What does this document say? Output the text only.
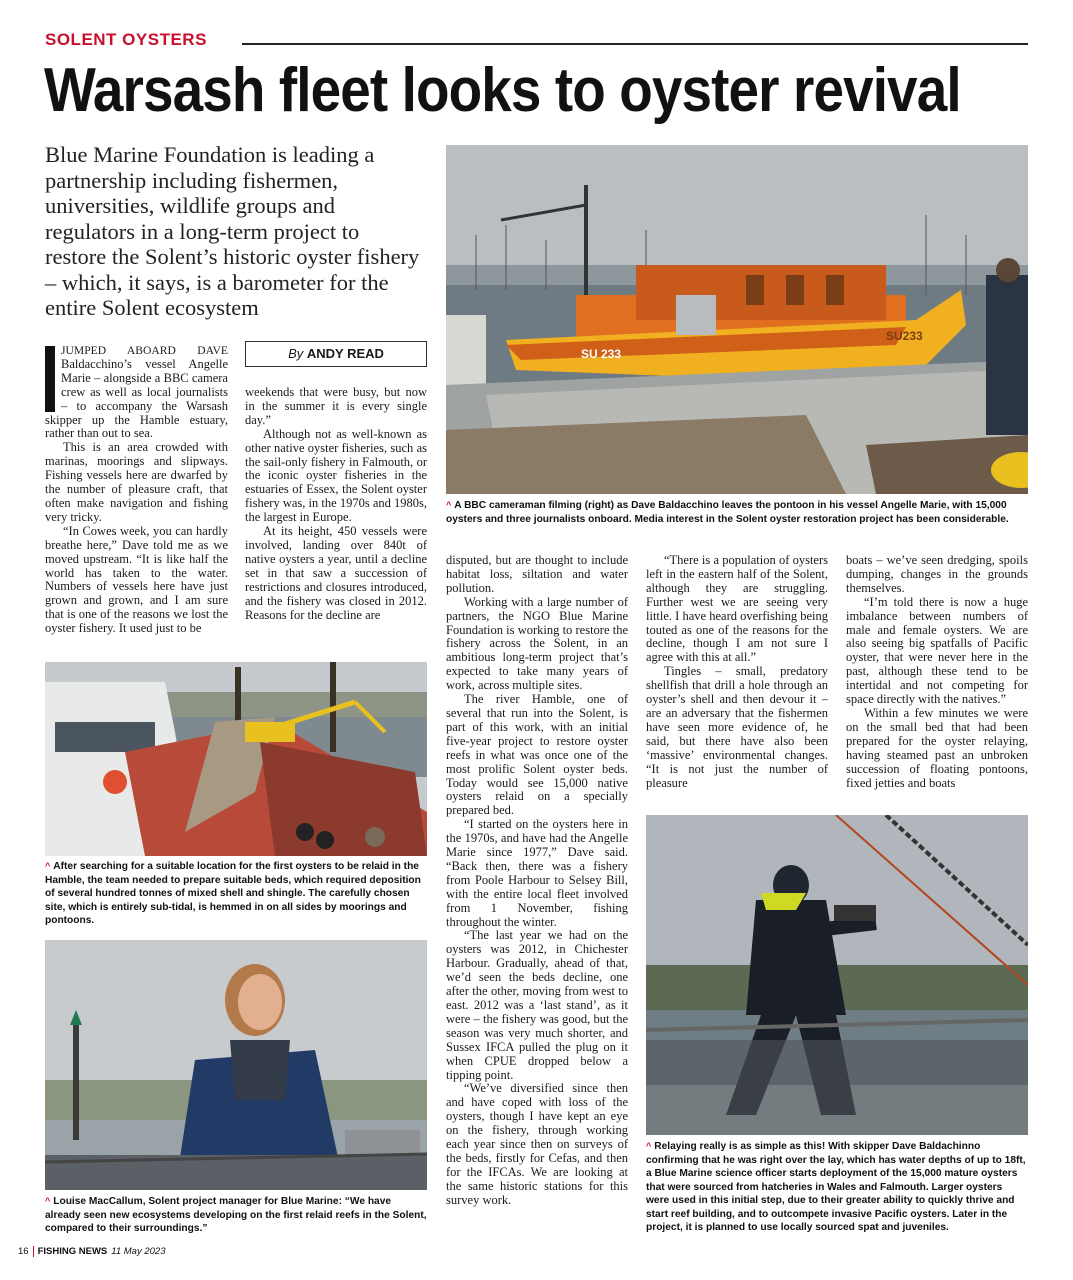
SOLENT OYSTERS
Warsash fleet looks to oyster revival
Blue Marine Foundation is leading a partnership including fishermen, universities, wildlife groups and regulators in a long-term project to restore the Solent’s historic oyster fishery – which, it says, is a barometer for the entire Solent ecosystem

JUMPED ABOARD DAVE Baldacchino’s vessel Angelle Marie – alongside a BBC camera crew as well as local journalists – to accompany the Warsash skipper up the Hamble estuary, rather than out to sea.

This is an area crowded with marinas, moorings and slipways. Fishing vessels here are dwarfed by the number of pleasure craft, that often make navigation and fishing very tricky.

“In Cowes week, you can hardly breathe here,” Dave told me as we moved upstream. “It is like half the world has taken to the water. Numbers of vessels here have just grown and grown, and I am sure that is one of the reasons we lost the oyster fishery. It used just to be

By ANDY READ

weekends that were busy, but now in the summer it is every single day.”

Although not as well-known as other native oyster fisheries, such as the sail-only fishery in Falmouth, or the iconic oyster fisheries in the estuaries of Essex, the Solent oyster fishery was, in the 1970s and 1980s, the largest in Europe.

At its height, 450 vessels were involved, landing over 840t of native oysters a year, until a decline set in that saw a succession of restrictions and closures introduced, and the fishery was closed in 2012. Reasons for the decline are

SU 233
SU233
^ A BBC cameraman filming (right) as Dave Baldacchino leaves the pontoon in his vessel Angelle Marie, with 15,000 oysters and three journalists onboard. Media interest in the Solent oyster restoration project has been considerable.

disputed, but are thought to include habitat loss, siltation and water pollution.

Working with a large number of partners, the NGO Blue Marine Foundation is working to restore the fishery across the Solent, in an ambitious long-term project that’s expected to take many years of work, across multiple sites.

The river Hamble, one of several that run into the Solent, is part of this work, with an initial five-year project to restore oyster reefs in what was once one of the most prolific Solent oyster beds. Today would see 15,000 native oysters relaid on a specially prepared bed.

“I started on the oysters here in the 1970s, and have had the Angelle Marie since 1977,” Dave said. “Back then, there was a fishery from Poole Harbour to Selsey Bill, with the entire local fleet involved from 1 November, fishing throughout the winter.

“The last year we had on the oysters was 2012, in Chichester Harbour. Gradually, ahead of that, we’d seen the beds decline, one after the other, moving from west to east. 2012 was a ‘last stand’, as it were – the fishery was good, but the season was very much shorter, and Sussex IFCA pulled the plug on it when CPUE dropped below a tipping point.

“We’ve diversified since then and have coped with loss of the oysters, though I have kept an eye on the fishery, through working each year since then on surveys of the beds, firstly for Cefas, and then for the IFCAs. We are looking at the same historic stations for this survey work.

“There is a population of oysters left in the eastern half of the Solent, although they are struggling. Further west we are seeing very little. I have heard overfishing being touted as one of the reasons for the decline, though I am not sure I agree with this at all.”

Tingles – small, predatory shellfish that drill a hole through an oyster’s shell and then devour it – are an adversary that the fishermen have seen more evidence of, he said, but there have also been ‘massive’ environmental changes. “It is not just the number of pleasure

boats – we’ve seen dredging, spoils dumping, changes in the grounds themselves.

“I’m told there is now a huge imbalance between numbers of male and female oysters. We are also seeing big spatfalls of Pacific oyster, that were never here in the past, although these tend to be intertidal and not competing for space directly with the natives.”

Within a few minutes we were on the small bed that had been prepared for the oyster relaying, having steamed past an unbroken succession of floating pontoons, fixed jetties and boats

^ After searching for a suitable location for the first oysters to be relaid in the Hamble, the team needed to prepare suitable beds, which required deposition of several hundred tonnes of mixed shell and shingle. The carefully chosen site, which is entirely sub-tidal, is hemmed in on all sides by moorings and pontoons.
^ Louise MacCallum, Solent project manager for Blue Marine: “We have already seen new ecosystems developing on the first relaid reefs in the Solent, compared to their surroundings.”
^ Relaying really is as simple as this! With skipper Dave Baldachinno confirming that he was right over the lay, which has water depths of up to 18ft, a Blue Marine science officer starts deployment of the 15,000 mature oysters that were sourced from hatcheries in Wales and Falmouth. Larger oysters were used in this initial step, due to their greater ability to quickly thrive and start reef building, and to outcompete invasive Pacific oysters. Later in the project, it is planned to use locally sourced spat and juveniles.
16 FISHING NEWS 11 May 2023
